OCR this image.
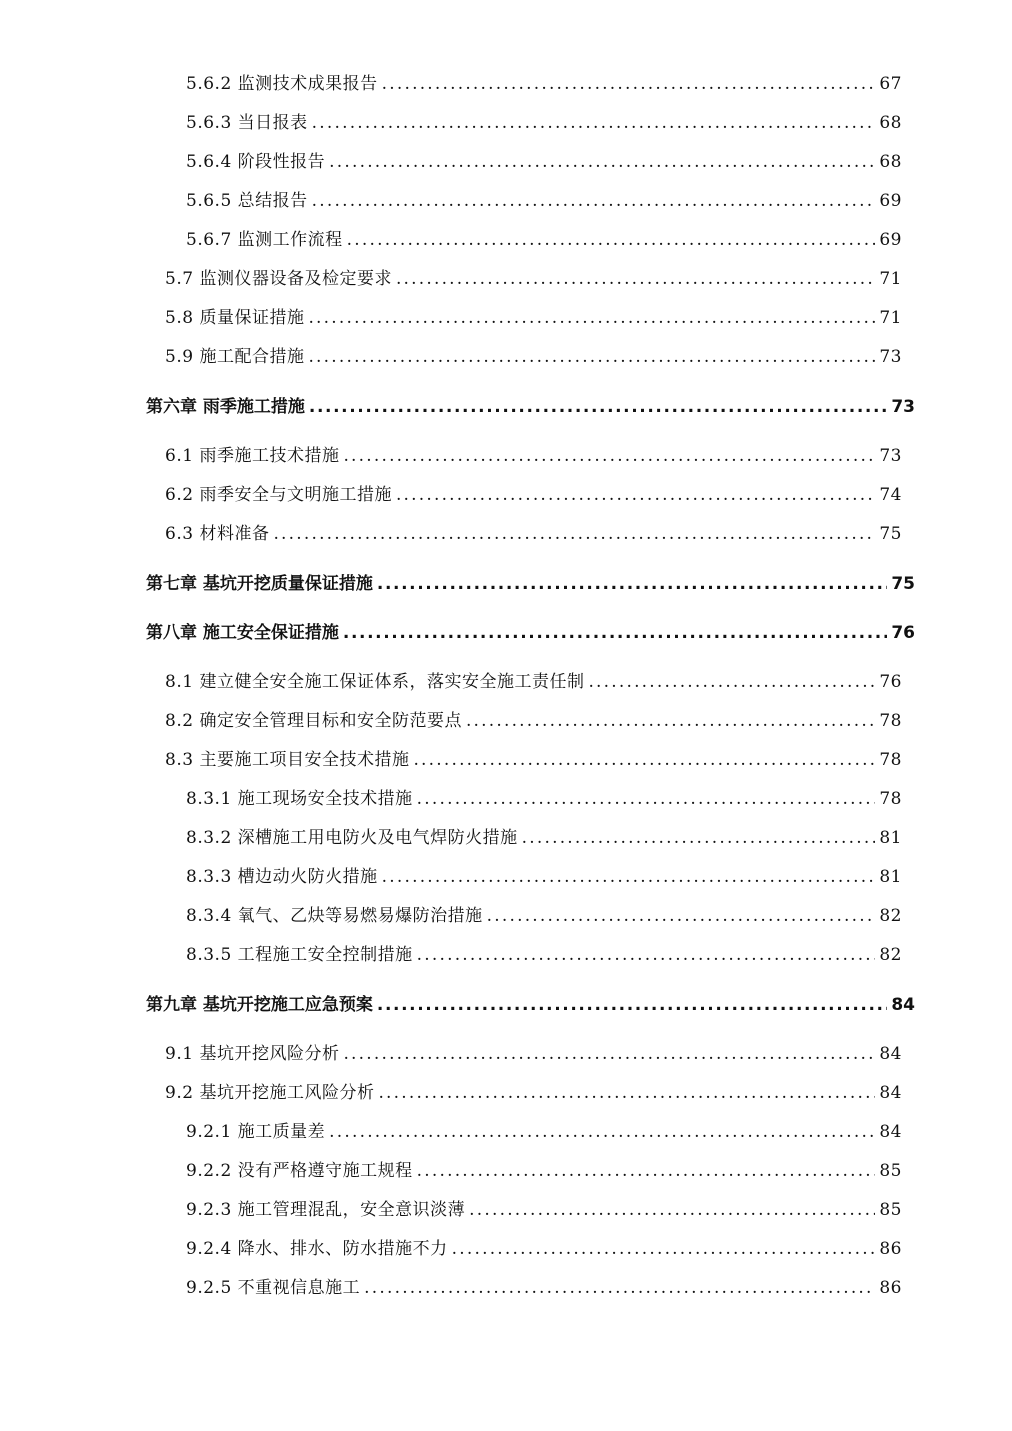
5.6.2 监测技术成果报告 .....	67
5.6.3 当日报表 .....	68
5.6.4 阶段性报告 .....	68
5.6.5 总结报告 .....	69
5.6.7 监测工作流程 .....	69
5.7 监测仪器设备及检定要求 .....	71
5.8 质量保证措施 .....	71
5.9 施工配合措施 .....	73
第六章 雨季施工措施 .....	73
6.1 雨季施工技术措施 .....	73
6.2 雨季安全与文明施工措施 .....	74
6.3 材料准备 .....	75
第七章 基坑开挖质量保证措施 .....	75
第八章 施工安全保证措施 .....	76
8.1 建立健全安全施工保证体系，落实安全施工责任制 .....	76
8.2 确定安全管理目标和安全防范要点 .....	78
8.3 主要施工项目安全技术措施 .....	78
8.3.1 施工现场安全技术措施 .....	78
8.3.2 深槽施工用电防火及电气焊防火措施 .....	81
8.3.3 槽边动火防火措施 .....	81
8.3.4 氧气、乙炔等易燃易爆防治措施 .....	82
8.3.5 工程施工安全控制措施 .....	82
第九章 基坑开挖施工应急预案 .....	84
9.1 基坑开挖风险分析 .....	84
9.2 基坑开挖施工风险分析 .....	84
9.2.1 施工质量差 .....	84
9.2.2 没有严格遵守施工规程 .....	85
9.2.3 施工管理混乱，安全意识淡薄 .....	85
9.2.4 降水、排水、防水措施不力 .....	86
9.2.5 不重视信息施工 .....	86
